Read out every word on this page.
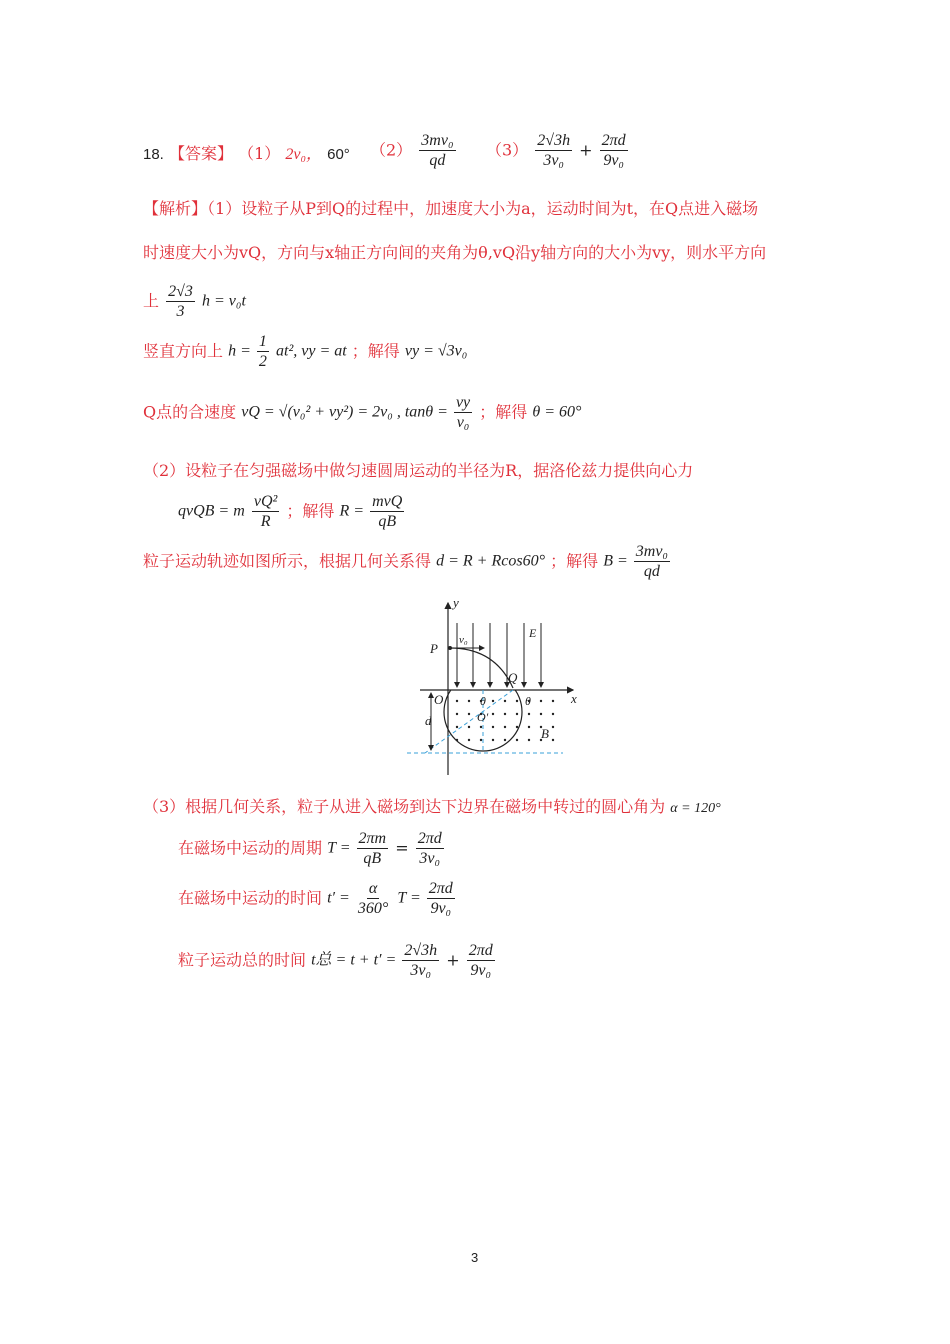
18. 【答案】 （1） 2v₀， 60° $(2) \frac{\text{3mv₀}}{qd} (3) \frac{2√3h}{\text{3v₀}} + \frac{2\pi d}{\text{9v₀}}$
【解析】（1）设粒子从P到Q的过程中，加速度大小为a，运动时间为t，在Q点进入磁场
时速度大小为vQ，方向与x轴正方向间的夹角为θ,vQ沿y轴方向的大小为vy，则水平方向
上 $\frac{2√3}{3}$ h = v₀t
竖直方向上 $h = \frac{1}{2} at^2$, vy = at ；解得 vy = √3v₀
Q点的合速度 vQ = √(v₀² + vy²) = 2v₀ , $\tan\theta = \frac{vy}{\text{v₀}}$ ；解得 θ = 60°
（2）设粒子在匀强磁场中做匀速圆周运动的半径为R，据洛伦兹力提供向心力
qvQB = m $\frac{\text{vQ²}}{R}$ ；解得 $R = \frac{\text{mvQ}}{qB}$
粒子运动轨迹如图所示，根据几何关系得 d = R + Rcos60° ；解得 $B = \frac{\text{3mv₀}}{qd}$
y
x
P
v₀	E
Q
O
O′
θ	θ
d
B
（3）根据几何关系，粒子从进入磁场到达下边界在磁场中转过的圆心角为 α = 120°
在磁场中运动的周期 $T = \frac{2\pi m}{qB} = \frac{2\pi d}{\text{3v₀}}$
在磁场中运动的时间 $t' = \frac{\alpha}{360^\circ}$ $T = \frac{2\pi d}{\text{9v₀}}$
粒子运动总的时间 t总 = $t + t' = \frac{2√3h}{\text{3v₀}} + \frac{2\pi d}{\text{9v₀}}$
3
